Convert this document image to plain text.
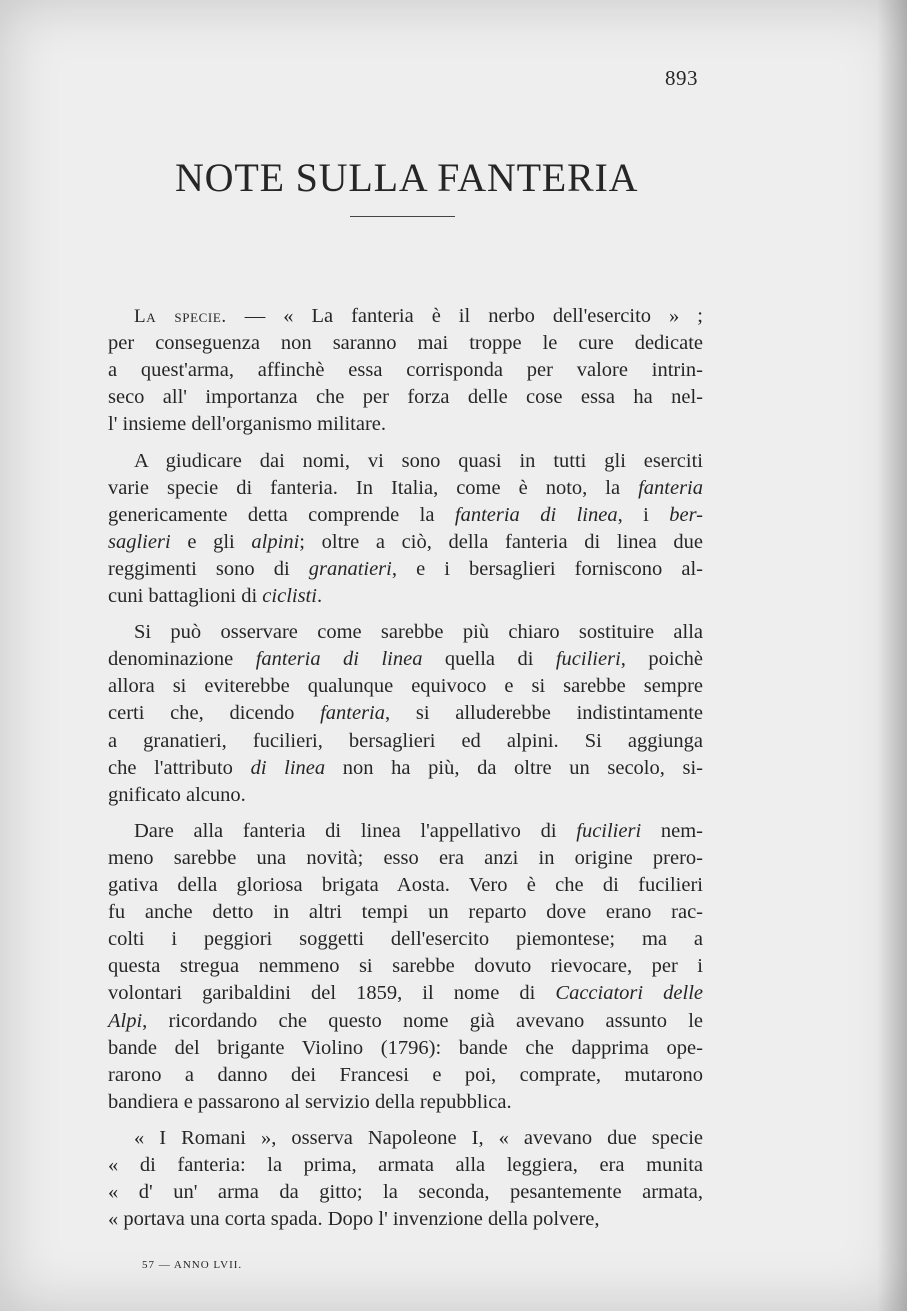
893
NOTE SULLA FANTERIA
La specie. — « La fanteria è il nerbo dell'esercito » ;
per conseguenza non saranno mai troppe le cure dedicate
a quest'arma, affinchè essa corrisponda per valore intrin-
seco all' importanza che per forza delle cose essa ha nel-
l' insieme dell'organismo militare.
A giudicare dai nomi, vi sono quasi in tutti gli eserciti
varie specie di fanteria. In Italia, come è noto, la fanteria
genericamente detta comprende la fanteria di linea, i ber-
saglieri e gli alpini; oltre a ciò, della fanteria di linea due
reggimenti sono di granatieri, e i bersaglieri forniscono al-
cuni battaglioni di ciclisti.
Si può osservare come sarebbe più chiaro sostituire alla
denominazione fanteria di linea quella di fucilieri, poichè
allora si eviterebbe qualunque equivoco e si sarebbe sempre
certi che, dicendo fanteria, si alluderebbe indistintamente
a granatieri, fucilieri, bersaglieri ed alpini. Si aggiunga
che l'attributo di linea non ha più, da oltre un secolo, si-
gnificato alcuno.
Dare alla fanteria di linea l'appellativo di fucilieri nem-
meno sarebbe una novità; esso era anzi in origine prero-
gativa della gloriosa brigata Aosta. Vero è che di fucilieri
fu anche detto in altri tempi un reparto dove erano rac-
colti i peggiori soggetti dell'esercito piemontese; ma a
questa stregua nemmeno si sarebbe dovuto rievocare, per i
volontari garibaldini del 1859, il nome di Cacciatori delle
Alpi, ricordando che questo nome già avevano assunto le
bande del brigante Violino (1796): bande che dapprima ope-
rarono a danno dei Francesi e poi, comprate, mutarono
bandiera e passarono al servizio della repubblica.
« I Romani », osserva Napoleone I, « avevano due specie
« di fanteria: la prima, armata alla leggiera, era munita
« d' un' arma da gitto; la seconda, pesantemente armata,
« portava una corta spada. Dopo l' invenzione della polvere,
57 — ANNO LVII.
